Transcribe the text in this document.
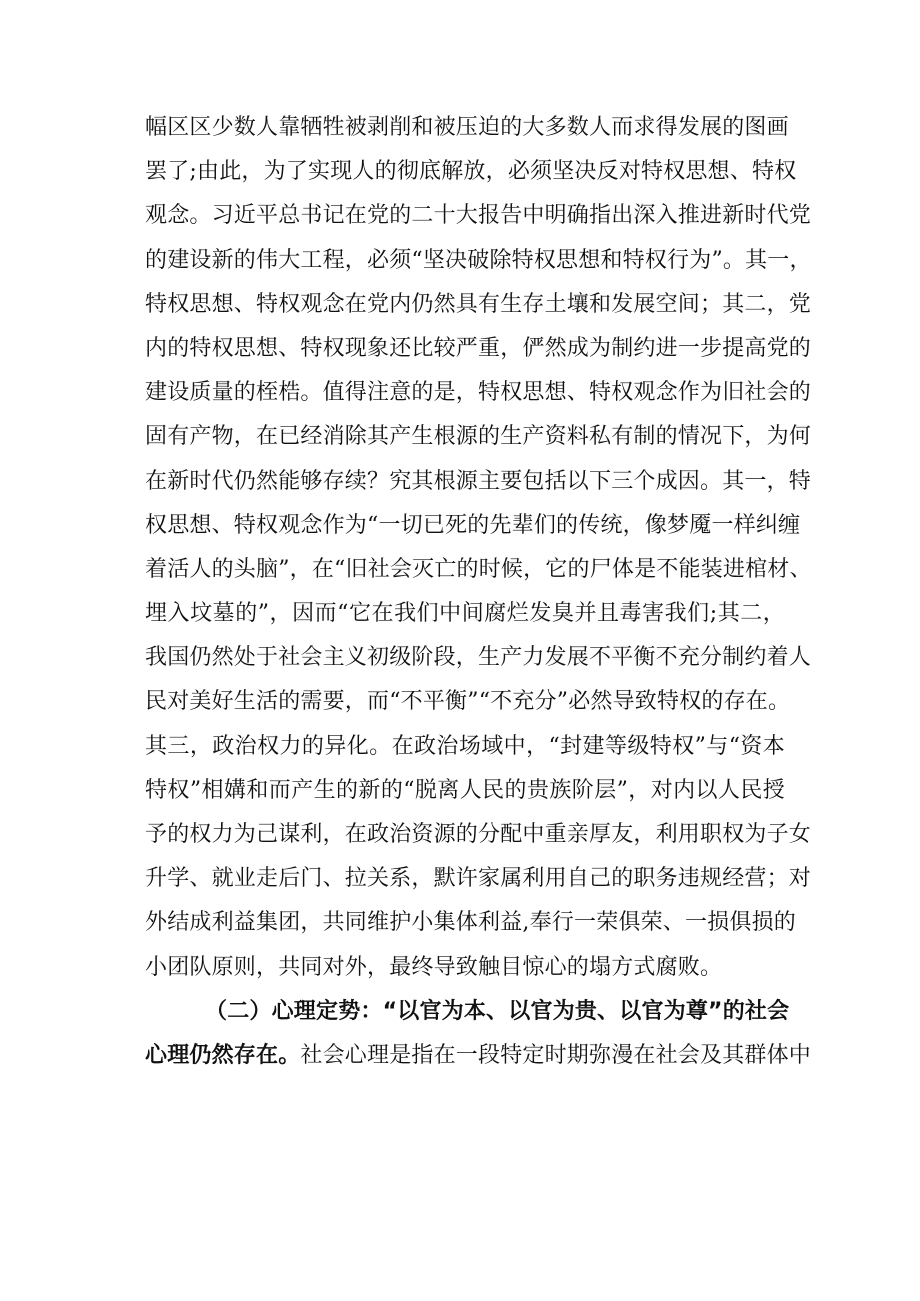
幅区区少数人靠牺牲被剥削和被压迫的大多数人而求得发展的图画
罢了;由此，为了实现人的彻底解放，必须坚决反对特权思想、特权
观念。习近平总书记在党的二十大报告中明确指出深入推进新时代党
的建设新的伟大工程，必须“坚决破除特权思想和特权行为”。其一，
特权思想、特权观念在党内仍然具有生存土壤和发展空间；其二，党
内的特权思想、特权现象还比较严重，俨然成为制约进一步提高党的
建设质量的桎梏。值得注意的是，特权思想、特权观念作为旧社会的
固有产物，在已经消除其产生根源的生产资料私有制的情况下，为何
在新时代仍然能够存续？究其根源主要包括以下三个成因。其一，特
权思想、特权观念作为“一切已死的先辈们的传统，像梦魇一样纠缠
着活人的头脑”，在“旧社会灭亡的时候，它的尸体是不能装进棺材、
埋入坟墓的”，因而“它在我们中间腐烂发臭并且毒害我们;其二，
我国仍然处于社会主义初级阶段，生产力发展不平衡不充分制约着人
民对美好生活的需要，而“不平衡”“不充分”必然导致特权的存在。
其三，政治权力的异化。在政治场域中，“封建等级特权”与“资本
特权”相媾和而产生的新的“脱离人民的贵族阶层”，对内以人民授
予的权力为己谋利，在政治资源的分配中重亲厚友，利用职权为子女
升学、就业走后门、拉关系，默许家属利用自己的职务违规经营；对
外结成利益集团，共同维护小集体利益,奉行一荣俱荣、一损俱损的
小团队原则，共同对外，最终导致触目惊心的塌方式腐败。
（二）心理定势：“以官为本、以官为贵、以官为尊”的社会
心理仍然存在。社会心理是指在一段特定时期弥漫在社会及其群体中
